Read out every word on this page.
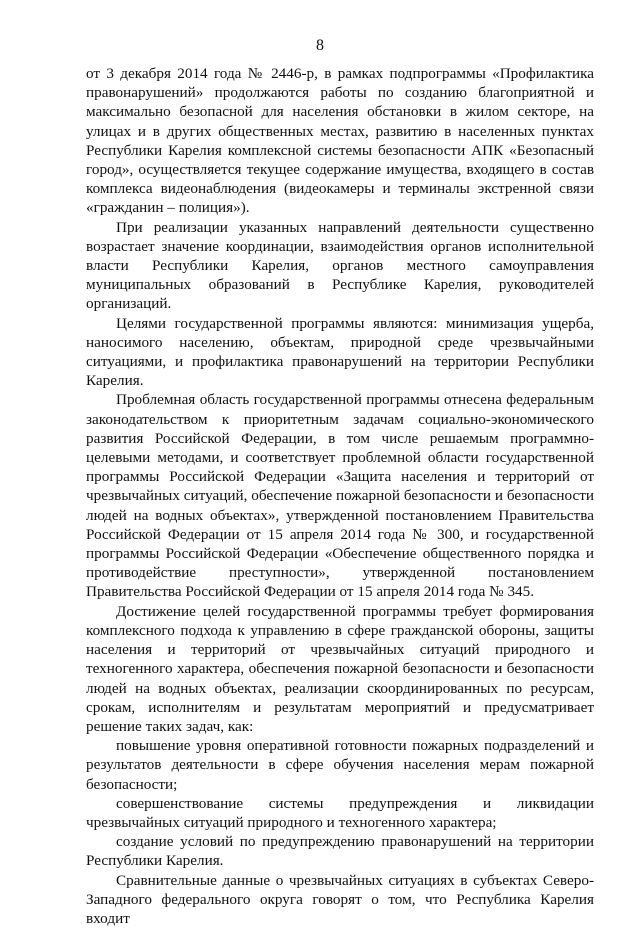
8

от 3 декабря 2014 года № 2446-р, в рамках подпрограммы «Профилактика правонарушений» продолжаются работы по созданию благоприятной и максимально безопасной для населения обстановки в жилом секторе, на улицах и в других общественных местах, развитию в населенных пунктах Республики Карелия комплексной системы безопасности АПК «Безопасный город», осуществляется текущее содержание имущества, входящего в состав комплекса видеонаблюдения (видеокамеры и терминалы экстренной связи «гражданин – полиция»).

При реализации указанных направлений деятельности существенно возрастает значение координации, взаимодействия органов исполнительной власти Республики Карелия, органов местного самоуправления муниципальных образований в Республике Карелия, руководителей организаций.

Целями государственной программы являются: минимизация ущерба, наносимого населению, объектам, природной среде чрезвычайными ситуациями, и профилактика правонарушений на территории Республики Карелия.

Проблемная область государственной программы отнесена федеральным законодательством к приоритетным задачам социально-экономического развития Российской Федерации, в том числе решаемым программно-целевыми методами, и соответствует проблемной области государственной программы Российской Федерации «Защита населения и территорий от чрезвычайных ситуаций, обеспечение пожарной безопасности и безопасности людей на водных объектах», утвержденной постановлением Правительства Российской Федерации от 15 апреля 2014 года № 300, и государственной программы Российской Федерации «Обеспечение общественного порядка и противодействие преступности», утвержденной постановлением Правительства Российской Федерации от 15 апреля 2014 года № 345.

Достижение целей государственной программы требует формирования комплексного подхода к управлению в сфере гражданской обороны, защиты населения и территорий от чрезвычайных ситуаций природного и техногенного характера, обеспечения пожарной безопасности и безопасности людей на водных объектах, реализации скоординированных по ресурсам, срокам, исполнителям и результатам мероприятий и предусматривает решение таких задач, как:

повышение уровня оперативной готовности пожарных подразделений и результатов деятельности в сфере обучения населения мерам пожарной безопасности;

совершенствование системы предупреждения и ликвидации чрезвычайных ситуаций природного и техногенного характера;

создание условий по предупреждению правонарушений на территории Республики Карелия.

Сравнительные данные о чрезвычайных ситуациях в субъектах Северо-Западного федерального округа говорят о том, что Республика Карелия входит
